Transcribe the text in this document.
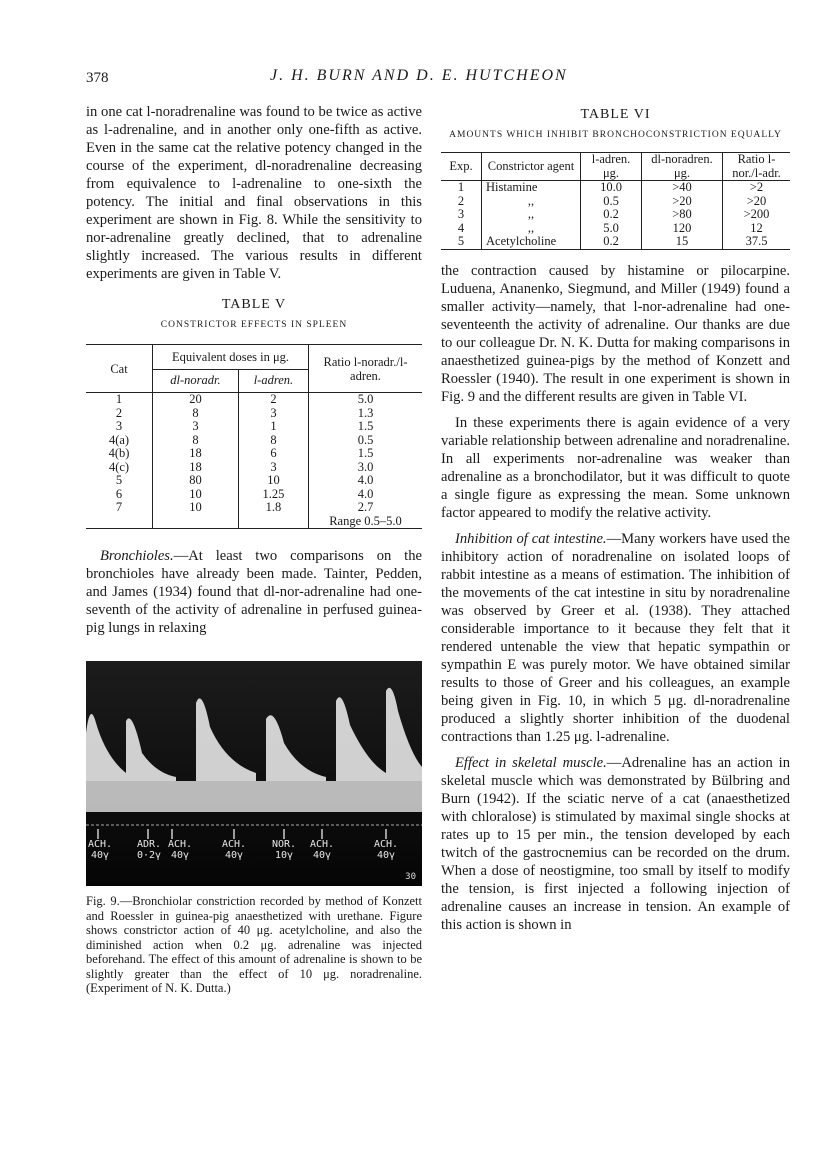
378	J. H. BURN AND D. E. HUTCHEON

in one cat l-noradrenaline was found to be twice as active as l-adrenaline, and in another only one-fifth as active. Even in the same cat the relative potency changed in the course of the experiment, dl-noradrenaline decreasing from equivalence to l-adrenaline to one-sixth the potency. The initial and final observations in this experiment are shown in Fig. 8. While the sensitivity to nor-adrenaline greatly declined, that to adrenaline slightly increased. The various results in different experiments are given in Table V.

TABLE V
CONSTRICTOR EFFECTS IN SPLEEN
Cat	Equivalent doses in μg.		Ratio l-noradr./l-adren.
	dl-noradr.	l-adren.	
1	20	2	5.0
2	8	3	1.3
3	3	1	1.5
4(a)	8	8	0.5
4(b)	18	6	1.5
4(c)	18	3	3.0
5	80	10	4.0
6	10	1.25	4.0
7	10	1.8	2.7
			Range 0.5–5.0

Bronchioles.—At least two comparisons on the bronchioles have already been made. Tainter, Pedden, and James (1934) found that dl-nor-adrenaline had one-seventh of the activity of adrenaline in perfused guinea-pig lungs in relaxing

ACH.
40γ
ADR.
0·2γ
ACH.
40γ
ACH.
40γ
NOR.
10γ
ACH.
40γ
ACH.
40γ
30
Fig. 9.—Bronchiolar constriction recorded by method of Konzett and Roessler in guinea-pig anaesthetized with urethane. Figure shows constrictor action of 40 μg. acetylcholine, and also the diminished action when 0.2 μg. adrenaline was injected beforehand. The effect of this amount of adrenaline is shown to be slightly greater than the effect of 10 μg. noradrenaline. (Experiment of N. K. Dutta.)
TABLE VI
AMOUNTS WHICH INHIBIT BRONCHOCONSTRICTION EQUALLY
Exp.	Constrictor agent	l-adren. μg.	dl-noradren. μg.	Ratio l-nor./l-adr.
1	Histamine	10.0	>40	>2
2	,,	0.5	>20	>20
3	,,	0.2	>80	>200
4	,,	5.0	120	12
5	Acetylcholine	0.2	15	37.5

the contraction caused by histamine or pilocarpine. Luduena, Ananenko, Siegmund, and Miller (1949) found a smaller activity—namely, that l-nor-adrenaline had one-seventeenth the activity of adrenaline. Our thanks are due to our colleague Dr. N. K. Dutta for making comparisons in anaesthetized guinea-pigs by the method of Konzett and Roessler (1940). The result in one experiment is shown in Fig. 9 and the different results are given in Table VI.

In these experiments there is again evidence of a very variable relationship between adrenaline and noradrenaline. In all experiments nor-adrenaline was weaker than adrenaline as a bronchodilator, but it was difficult to quote a single figure as expressing the mean. Some unknown factor appeared to modify the relative activity.

Inhibition of cat intestine.—Many workers have used the inhibitory action of noradrenaline on isolated loops of rabbit intestine as a means of estimation. The inhibition of the movements of the cat intestine in situ by noradrenaline was observed by Greer et al. (1938). They attached considerable importance to it because they felt that it rendered untenable the view that hepatic sympathin or sympathin E was purely motor. We have obtained similar results to those of Greer and his colleagues, an example being given in Fig. 10, in which 5 μg. dl-noradrenaline produced a slightly shorter inhibition of the duodenal contractions than 1.25 μg. l-adrenaline.

Effect in skeletal muscle.—Adrenaline has an action in skeletal muscle which was demonstrated by Bülbring and Burn (1942). If the sciatic nerve of a cat (anaesthetized with chloralose) is stimulated by maximal single shocks at rates up to 15 per min., the tension developed by each twitch of the gastrocnemius can be recorded on the drum. When a dose of neostigmine, too small by itself to modify the tension, is first injected a following injection of adrenaline causes an increase in tension. An example of this action is shown in
